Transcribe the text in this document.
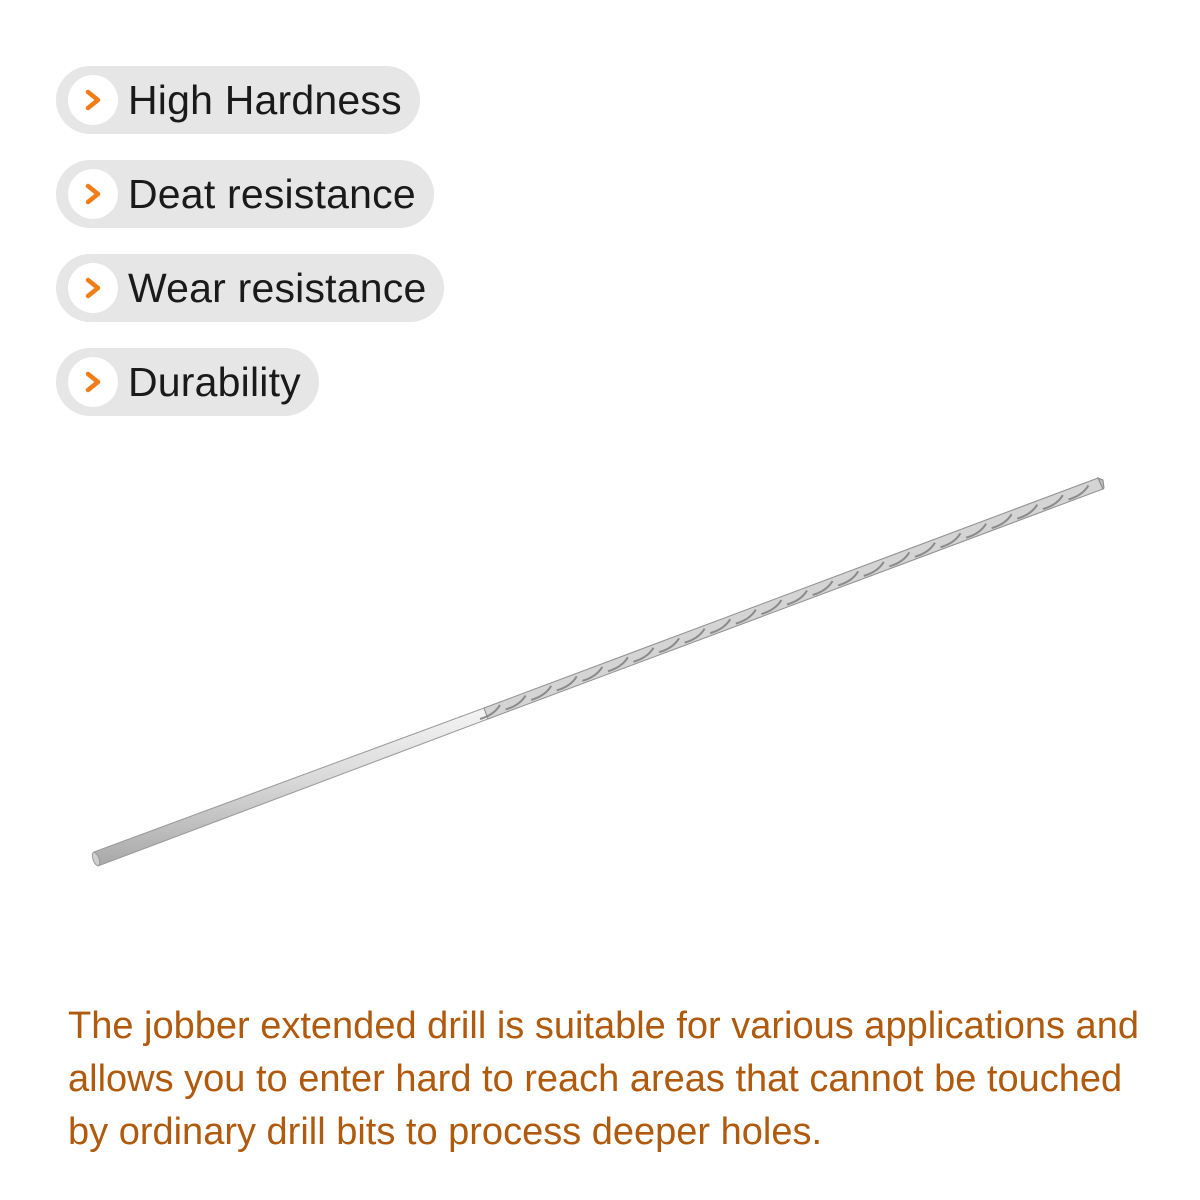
High Hardness
Deat resistance
Wear resistance
Durability

The jobber extended drill is suitable for various applications and allows you to enter hard to reach areas that cannot be touched by ordinary drill bits to process deeper holes.
